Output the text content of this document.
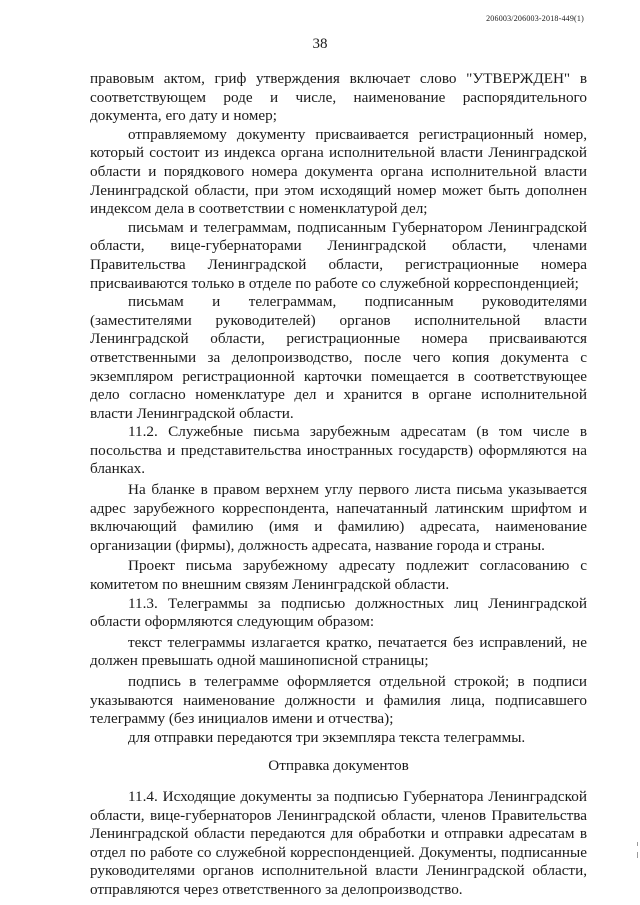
206003/206003-2018-449(1)
38

правовым актом, гриф утверждения включает слово "УТВЕРЖДЕН" в соответствующем роде и числе, наименование распорядительного документа, его дату и номер;

отправляемому документу присваивается регистрационный номер, который состоит из индекса органа исполнительной власти Ленинградской области и порядкового номера документа органа исполнительной власти Ленинградской области, при этом исходящий номер может быть дополнен индексом дела в соответствии с номенклатурой дел;

письмам и телеграммам, подписанным Губернатором Ленинградской области, вице-губернаторами Ленинградской области, членами Правительства Ленинградской области, регистрационные номера присваиваются только в отделе по работе со служебной корреспонденцией;

письмам и телеграммам, подписанным руководителями (заместителями руководителей) органов исполнительной власти Ленинградской области, регистрационные номера присваиваются ответственными за делопроизводство, после чего копия документа с экземпляром регистрационной карточки помещается в соответствующее дело согласно номенклатуре дел и хранится в органе исполнительной власти Ленинградской области.

11.2. Служебные письма зарубежным адресатам (в том числе в посольства и представительства иностранных государств) оформляются на бланках.

На бланке в правом верхнем углу первого листа письма указывается адрес зарубежного корреспондента, напечатанный латинским шрифтом и включающий фамилию (имя и фамилию) адресата, наименование организации (фирмы), должность адресата, название города и страны.

Проект письма зарубежному адресату подлежит согласованию с комитетом по внешним связям Ленинградской области.

11.3. Телеграммы за подписью должностных лиц Ленинградской области оформляются следующим образом:

текст телеграммы излагается кратко, печатается без исправлений, не должен превышать одной машинописной страницы;

подпись в телеграмме оформляется отдельной строкой; в подписи указываются наименование должности и фамилия лица, подписавшего телеграмму (без инициалов имени и отчества);

для отправки передаются три экземпляра текста телеграммы.

Отправка документов

11.4. Исходящие документы за подписью Губернатора Ленинградской области, вице-губернаторов Ленинградской области, членов Правительства Ленинградской области передаются для обработки и отправки адресатам в отдел по работе со служебной корреспонденцией. Документы, подписанные руководителями органов исполнительной власти Ленинградской области, отправляются через ответственного за делопроизводство.
